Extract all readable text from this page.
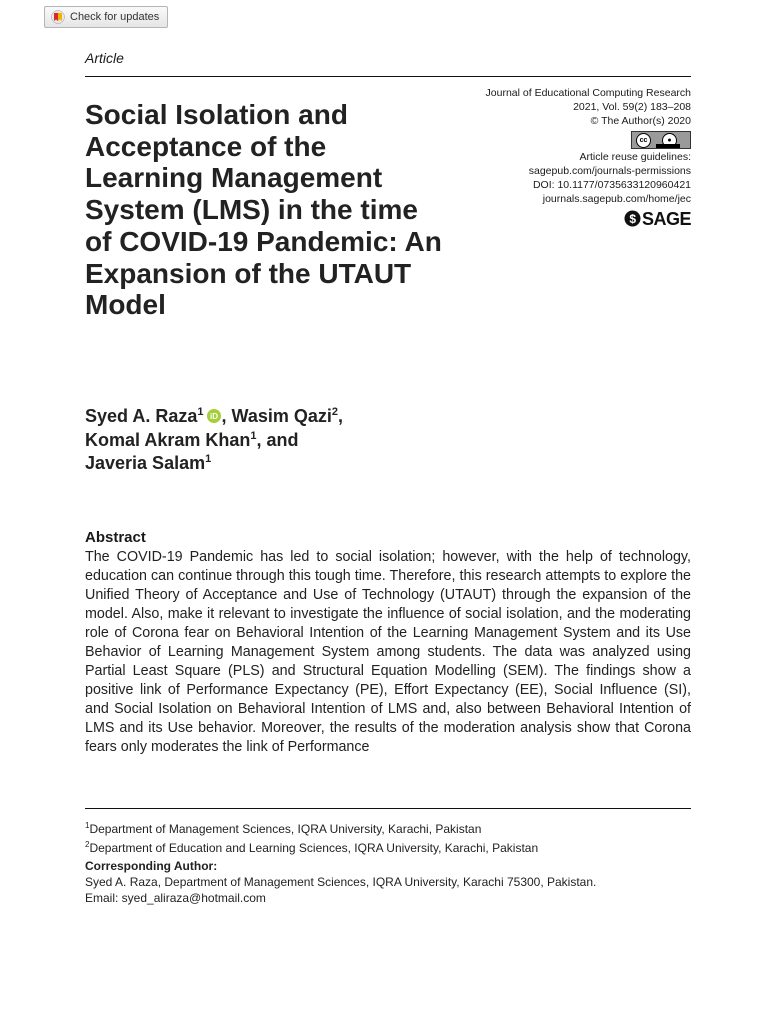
Check for updates
Article
Social Isolation and Acceptance of the Learning Management System (LMS) in the time of COVID-19 Pandemic: An Expansion of the UTAUT Model
Journal of Educational Computing Research
2021, Vol. 59(2) 183–208
© The Author(s) 2020
cc	●
Article reuse guidelines:
sagepub.com/journals-permissions
DOI: 10.1177/0735633120960421
journals.sagepub.com/home/jec
$ SAGE
Syed A. Raza$^1$ iD , Wasim Qazi$^2$,
Komal Akram Khan$^1$, and
Javeria Salam$^1$
Abstract

The COVID-19 Pandemic has led to social isolation; however, with the help of technology, education can continue through this tough time. Therefore, this research attempts to explore the Unified Theory of Acceptance and Use of Technology (UTAUT) through the expansion of the model. Also, make it relevant to investigate the influence of social isolation, and the moderating role of Corona fear on Behavioral Intention of the Learning Management System and its Use Behavior of Learning Management System among students. The data was analyzed using Partial Least Square (PLS) and Structural Equation Modelling (SEM). The findings show a positive link of Performance Expectancy (PE), Effort Expectancy (EE), Social Influence (SI), and Social Isolation on Behavioral Intention of LMS and, also between Behavioral Intention of LMS and its Use behavior. Moreover, the results of the moderation analysis show that Corona fears only moderates the link of Performance

$^1$Department of Management Sciences, IQRA University, Karachi, Pakistan
$^2$Department of Education and Learning Sciences, IQRA University, Karachi, Pakistan
Corresponding Author:
Syed A. Raza, Department of Management Sciences, IQRA University, Karachi 75300, Pakistan.
Email: syed_aliraza@hotmail.com
